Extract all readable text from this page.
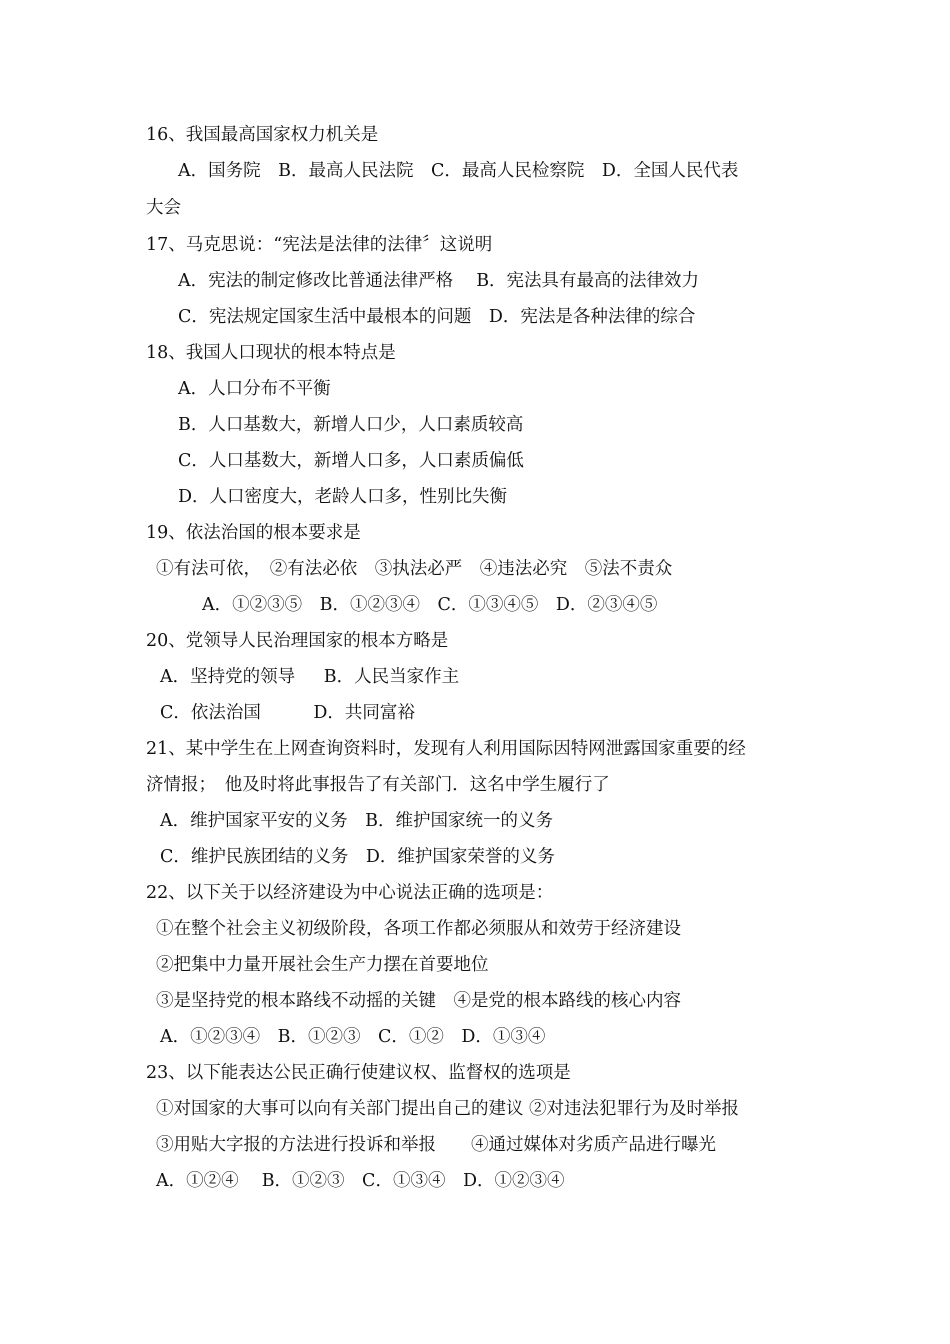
16、我国最高国家权力机关是
A．国务院　B．最高人民法院　C．最高人民检察院　D．全国人民代表
大会
17、马克思说：“宪法是法律的法律〞这说明
A．宪法的制定修改比普通法律严格　 B．宪法具有最高的法律效力
C．宪法规定国家生活中最根本的问题　D．宪法是各种法律的综合
18、我国人口现状的根本特点是
A．人口分布不平衡
B．人口基数大，新增人口少，人口素质较高
C．人口基数大，新增人口多，人口素质偏低
D．人口密度大，老龄人口多，性别比失衡
19、依法治国的根本要求是
①有法可依，　②有法必依　③执法必严　④违法必究　⑤法不责众
A．①②③⑤　B．①②③④　C．①③④⑤　D．②③④⑤
20、党领导人民治理国家的根本方略是
A．坚持党的领导　  B．人民当家作主
C．依法治国　　　D．共同富裕
21、某中学生在上网查询资料时，发现有人利用国际因特网泄露国家重要的经
济情报；　他及时将此事报告了有关部门．这名中学生履行了
A．维护国家平安的义务　B．维护国家统一的义务
C．维护民族团结的义务　D．维护国家荣誉的义务
22、以下关于以经济建设为中心说法正确的选项是：
①在整个社会主义初级阶段，各项工作都必须服从和效劳于经济建设
②把集中力量开展社会生产力摆在首要地位
③是坚持党的根本路线不动摇的关键　④是党的根本路线的核心内容
A．①②③④　B．①②③　C．①②　D．①③④
23、以下能表达公民正确行使建议权、监督权的选项是
①对国家的大事可以向有关部门提出自己的建议 ②对违法犯罪行为及时举报
③用贴大字报的方法进行投诉和举报　　④通过媒体对劣质产品进行曝光
A．①②④　 B．①②③　C．①③④　D．①②③④
